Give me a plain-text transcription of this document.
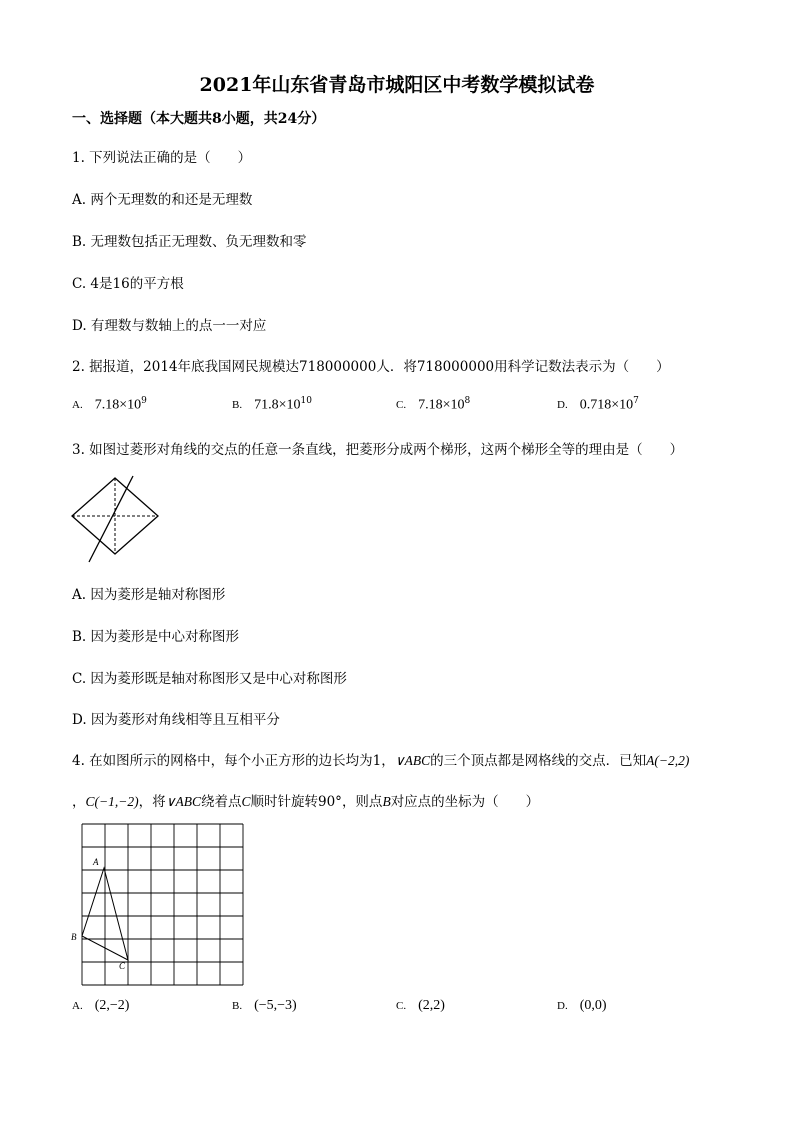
2021年山东省青岛市城阳区中考数学模拟试卷
一、选择题（本大题共8小题，共24分）
1. 下列说法正确的是（　　）
A. 两个无理数的和还是无理数
B. 无理数包括正无理数、负无理数和零
C. 4是16的平方根
D. 有理数与数轴上的点一一对应
2. 据报道，2014年底我国网民规模达718000000人．将718000000用科学记数法表示为（　　）
A. $7.18\times 10^9$	B. $71.8\times 10^{10}$	C. $7.18\times 10^8$	D. $0.718\times 10^7$
3. 如图过菱形对角线的交点的任意一条直线，把菱形分成两个梯形，这两个梯形全等的理由是（　　）
A. 因为菱形是轴对称图形
B. 因为菱形是中心对称图形
C. 因为菱形既是轴对称图形又是中心对称图形
D. 因为菱形对角线相等且互相平分
4. 在如图所示的网格中，每个小正方形的边长均为1，∨ABC的三个顶点都是网格线的交点．已知A(−2,2)
，C(−1,−2)，将∨ABC绕着点C顺时针旋转90°，则点B对应点的坐标为（　　）
A
B
C
A. (2,−2)	B. (−5,−3)	C. (2,2)	D. (0,0)
